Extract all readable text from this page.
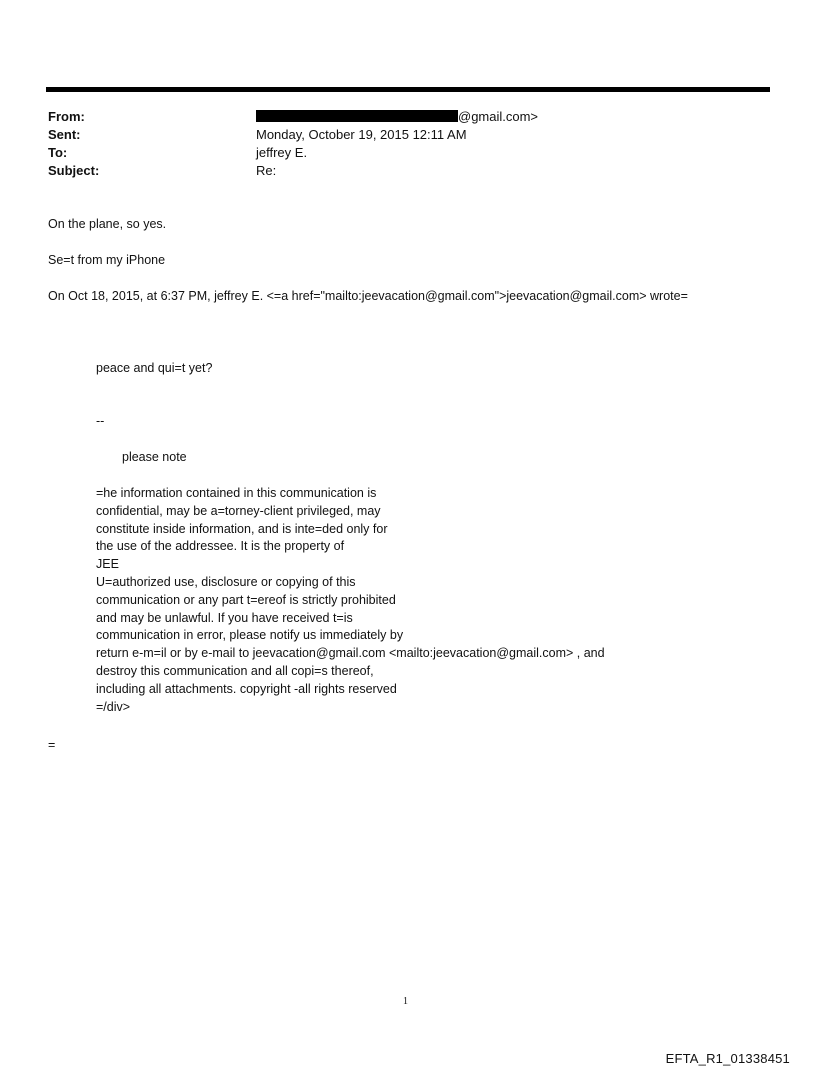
From:	@gmail.com>
Sent:	Monday, October 19, 2015 12:11 AM
To:	jeffrey E.
Subject:	Re:
On the plane, so yes.
Se=t from my iPhone
On Oct 18, 2015, at 6:37 PM, jeffrey E. <=a href="mailto:jeevacation@gmail.com">jeevacation@gmail.com> wrote=
peace and qui=t yet?
--
please note
=he information contained in this communication is
confidential, may be a=torney-client privileged, may
constitute inside information, and is inte=ded only for
the use of the addressee. It is the property of
JEE
U=authorized use, disclosure or copying of this
communication or any part t=ereof is strictly prohibited
and may be unlawful. If you have received t=is
communication in error, please notify us immediately by
return e-m=il or by e-mail to jeevacation@gmail.com <mailto:jeevacation@gmail.com> , and
destroy this communication and all copi=s thereof,
including all attachments. copyright -all rights reserved
=/div>
=
1
EFTA_R1_01338451
